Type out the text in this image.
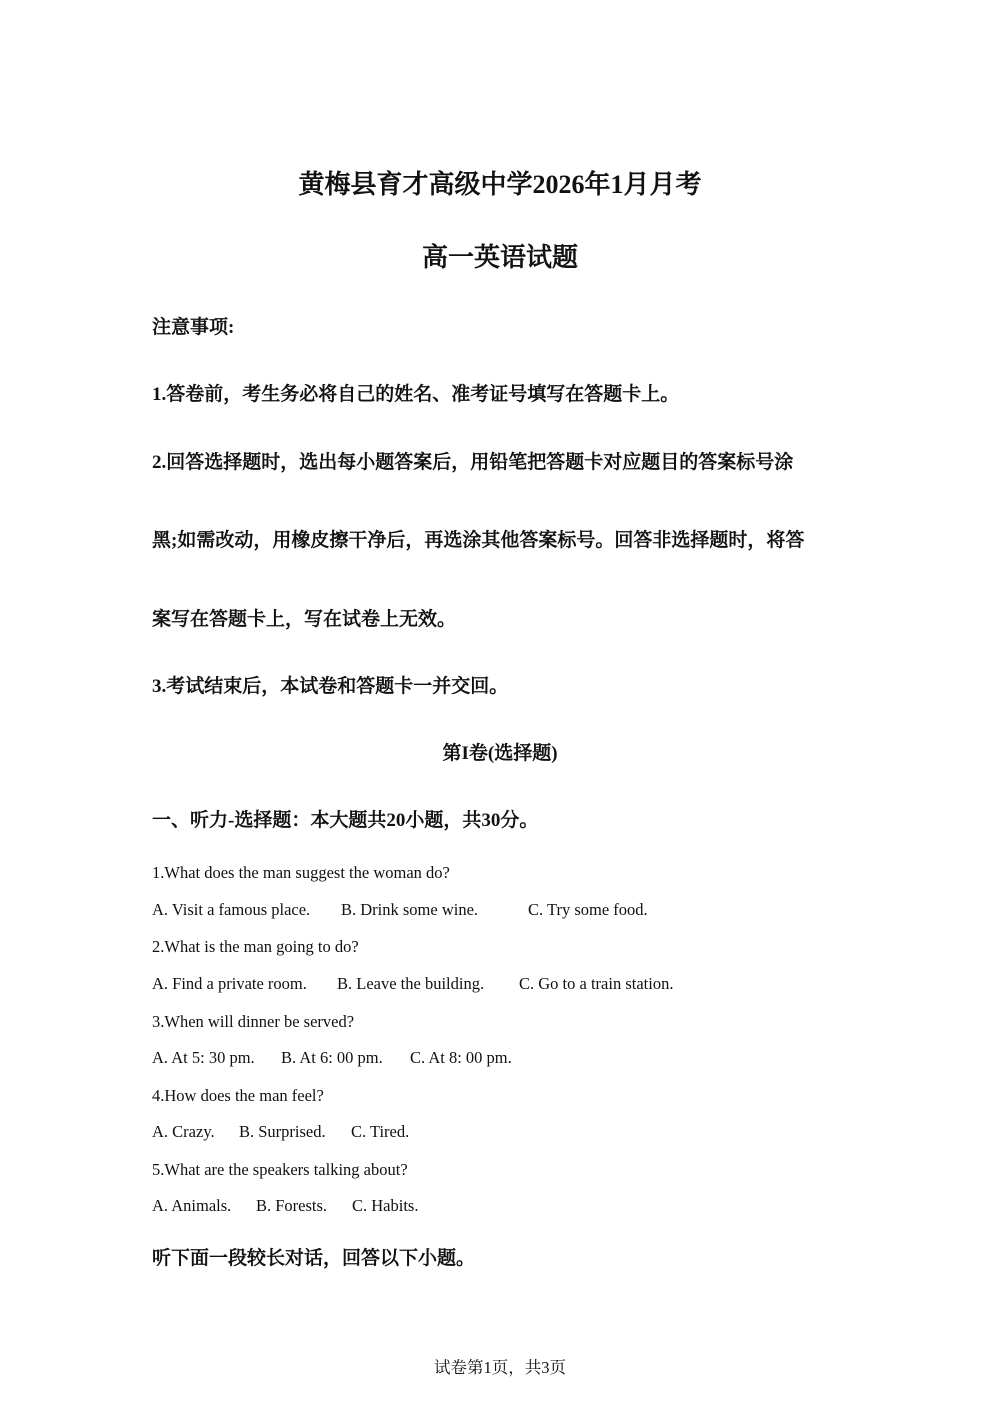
黄梅县育才高级中学2026年1月月考
高一英语试题
注意事项:
1.答卷前，考生务必将自己的姓名、准考证号填写在答题卡上。
2.回答选择题时，选出每小题答案后，用铅笔把答题卡对应题目的答案标号涂
黑;如需改动，用橡皮擦干净后，再选涂其他答案标号。回答非选择题时，将答
案写在答题卡上，写在试卷上无效。
3.考试结束后，本试卷和答题卡一并交回。
第I卷(选择题)
一、听力-选择题：本大题共20小题，共30分。
1.What does the man suggest the woman do?
A. Visit a famous place. B. Drink some wine.	C. Try some food.
2.What is the man going to do?
A. Find a private room. B. Leave the building. C. Go to a train station.
3.When will dinner be served?
A. At 5: 30 pm. B. At 6: 00 pm. C. At 8: 00 pm.
4.How does the man feel?
A. Crazy. B. Surprised. C. Tired.
5.What are the speakers talking about?
A. Animals. B. Forests. C. Habits.
听下面一段较长对话，回答以下小题。
试卷第1页，共3页
